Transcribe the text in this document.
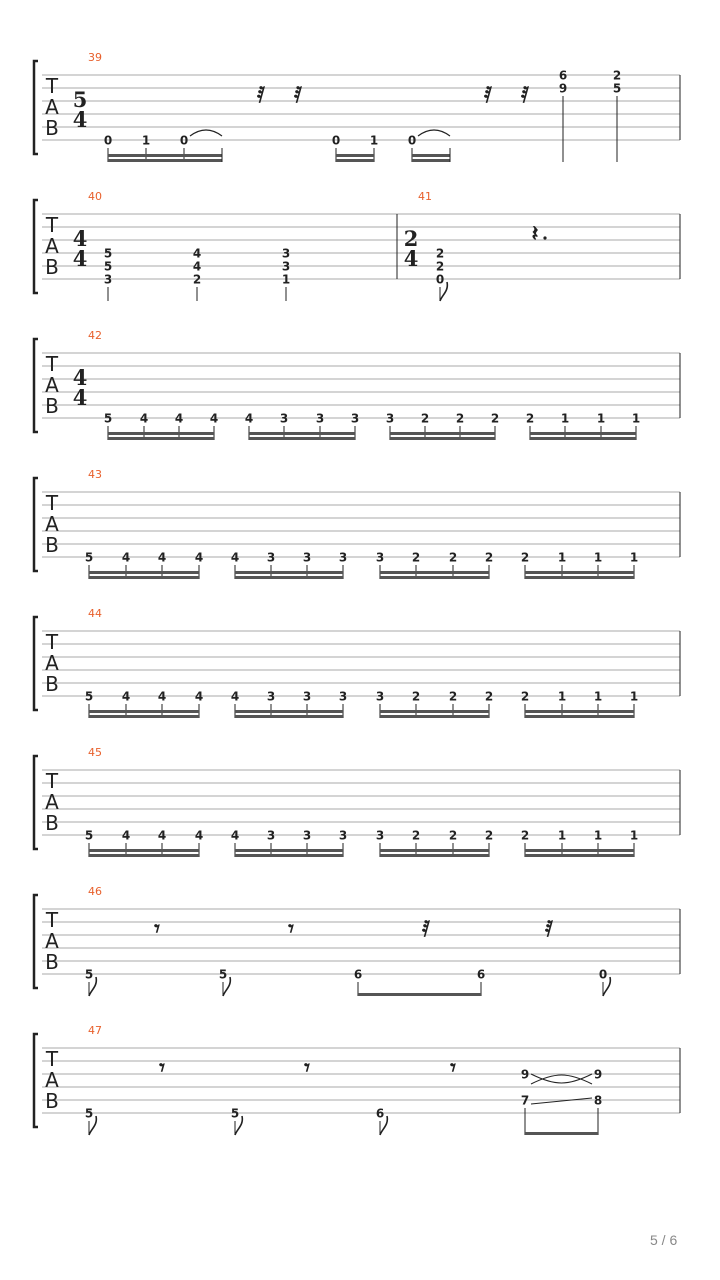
T
A
B
39
5
4
0 1 0
𝅀 𝅀
0 1 0
𝅀 𝅀
6
9
2
5
T
A
B
40
4
4 5
5
3
4
4
2
3
3
1
41
2
4 2
2
0
𝄽
T
A
B
42
4
4
5 4 4 4 4 3 3 3 3 2 2 2 2 1 1 1
T
A
B
43
5 4 4 4 4 3 3 3 3 2 2 2 2 1 1 1
T
A
B
44
5 4 4 4 4 3 3 3 3 2 2 2 2 1 1 1
T
A
B
45
5 4 4 4 4 3 3 3 3 2 2 2 2 1 1 1
T
A
B
46
5
𝄾
5
𝄾
6
𝅀
6
𝅀
0
T
A
B
47
5
𝄾
5
𝄾
6
𝄾	9
7
9
8
5 / 6
